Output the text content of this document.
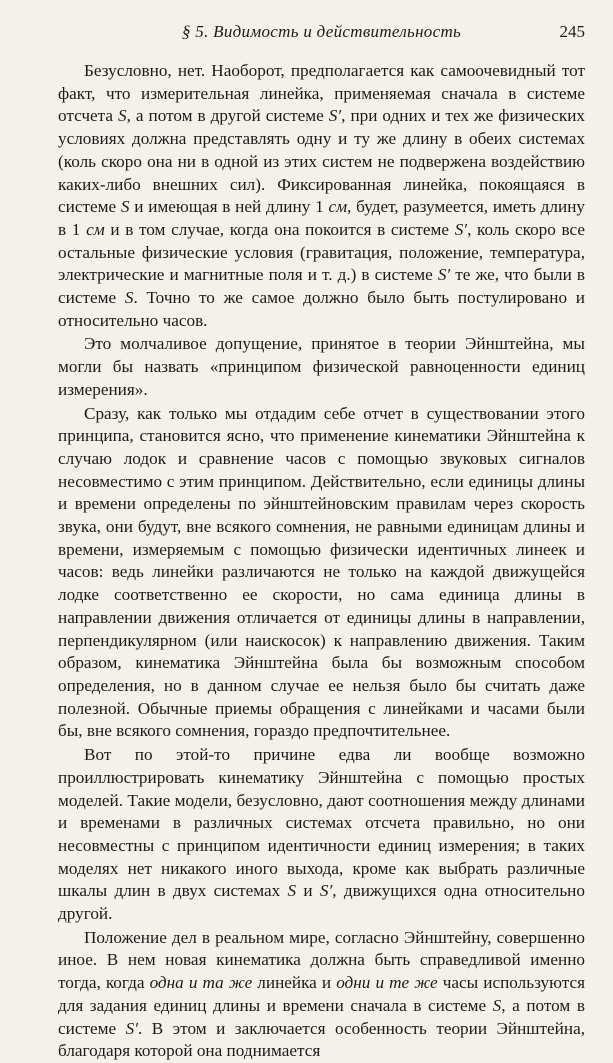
§ 5. Видимость и действительность	245

Безусловно, нет. Наоборот, предполагается как самоочевидный тот факт, что измерительная линейка, применяемая сначала в системе отсчета S, а потом в другой системе S′, при одних и тех же физических условиях должна представлять одну и ту же длину в обеих системах (коль скоро она ни в одной из этих систем не подвержена воздействию каких-либо внешних сил). Фиксированная линейка, покоящаяся в системе S и имеющая в ней длину 1 см, будет, разумеется, иметь длину в 1 см и в том случае, когда она покоится в системе S′, коль скоро все остальные физические условия (гравитация, положение, температура, электрические и магнитные поля и т. д.) в системе S′ те же, что были в системе S. Точно то же самое должно было быть постулировано и относительно часов.

Это молчаливое допущение, принятое в теории Эйнштейна, мы могли бы назвать «принципом физической равноценности единиц измерения».

Сразу, как только мы отдадим себе отчет в существовании этого принципа, становится ясно, что применение кинематики Эйнштейна к случаю лодок и сравнение часов с помощью звуковых сигналов несовместимо с этим принципом. Действительно, если единицы длины и времени определены по эйнштейновским правилам через скорость звука, они будут, вне всякого сомнения, не равными единицам длины и времени, измеряемым с помощью физически идентичных линеек и часов: ведь линейки различаются не только на каждой движущейся лодке соответственно ее скорости, но сама единица длины в направлении движения отличается от единицы длины в направлении, перпендикулярном (или наискосок) к направлению движения. Таким образом, кинематика Эйнштейна была бы возможным способом определения, но в данном случае ее нельзя было бы считать даже полезной. Обычные приемы обращения с линейками и часами были бы, вне всякого сомнения, гораздо предпочтительнее.

Вот по этой-то причине едва ли вообще возможно проиллюстрировать кинематику Эйнштейна с помощью простых моделей. Такие модели, безусловно, дают соотношения между длинами и временами в различных системах отсчета правильно, но они несовместны с принципом идентичности единиц измерения; в таких моделях нет никакого иного выхода, кроме как выбрать различные шкалы длин в двух системах S и S′, движущихся одна относительно другой.

Положение дел в реальном мире, согласно Эйнштейну, совершенно иное. В нем новая кинематика должна быть справедливой именно тогда, когда одна и та же линейка и одни и те же часы используются для задания единиц длины и времени сначала в системе S, а потом в системе S′. В этом и заключается особенность теории Эйнштейна, благодаря которой она поднимается
